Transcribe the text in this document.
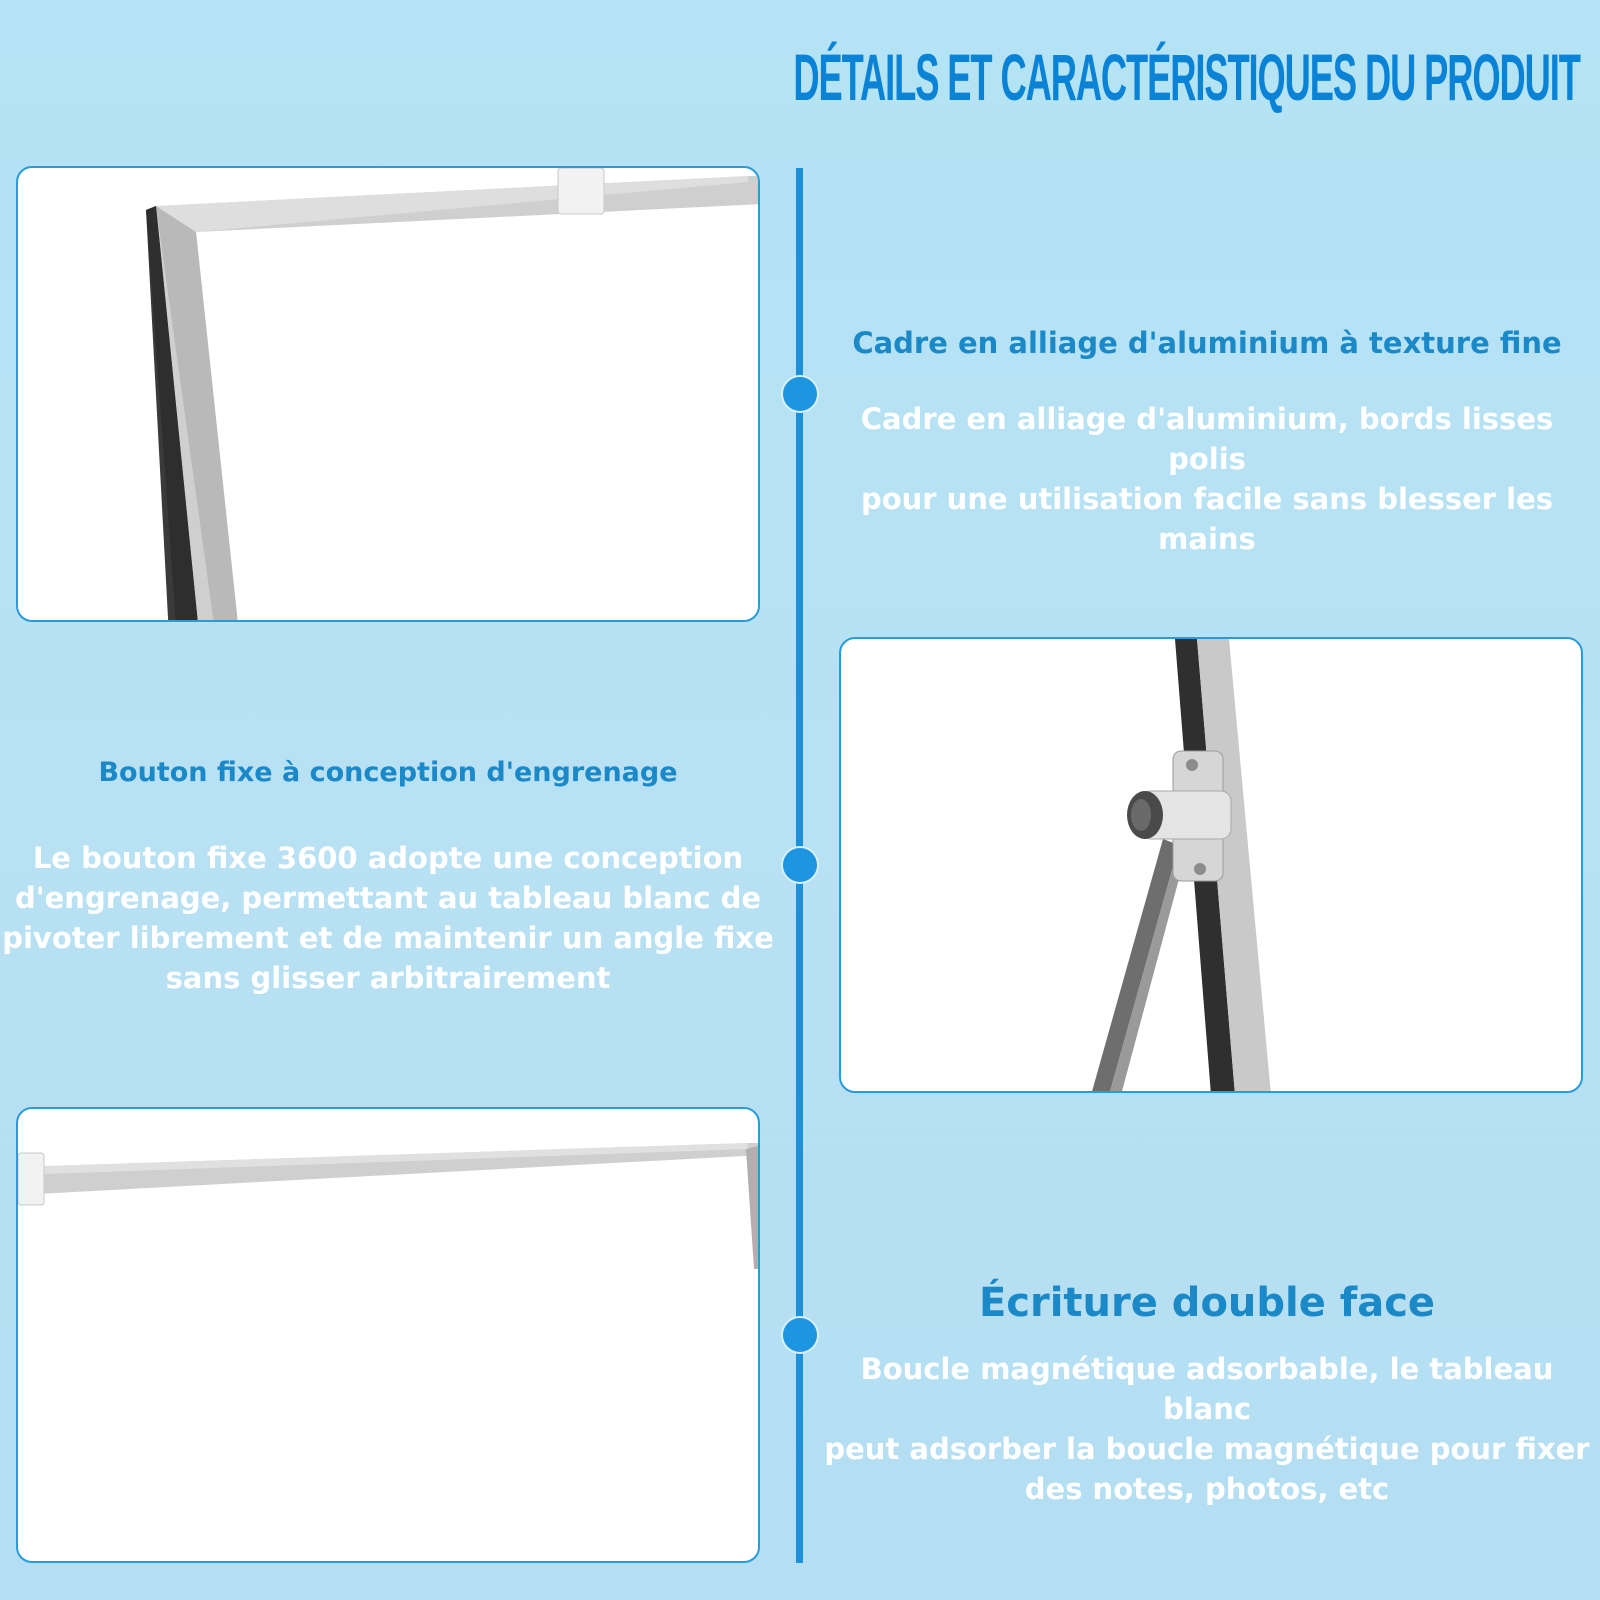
DÉTAILS ET CARACTÉRISTIQUES DU PRODUIT
Cadre en alliage d'aluminium à texture fine
Cadre en alliage d'aluminium, bords lisses polis
pour une utilisation facile sans blesser les mains
Bouton fixe à conception d'engrenage
Le bouton fixe 3600 adopte une conception
d'engrenage, permettant au tableau blanc de
pivoter librement et de maintenir un angle fixe
sans glisser arbitrairement
Écriture double face
Boucle magnétique adsorbable, le tableau blanc
peut adsorber la boucle magnétique pour fixer
des notes, photos, etc
